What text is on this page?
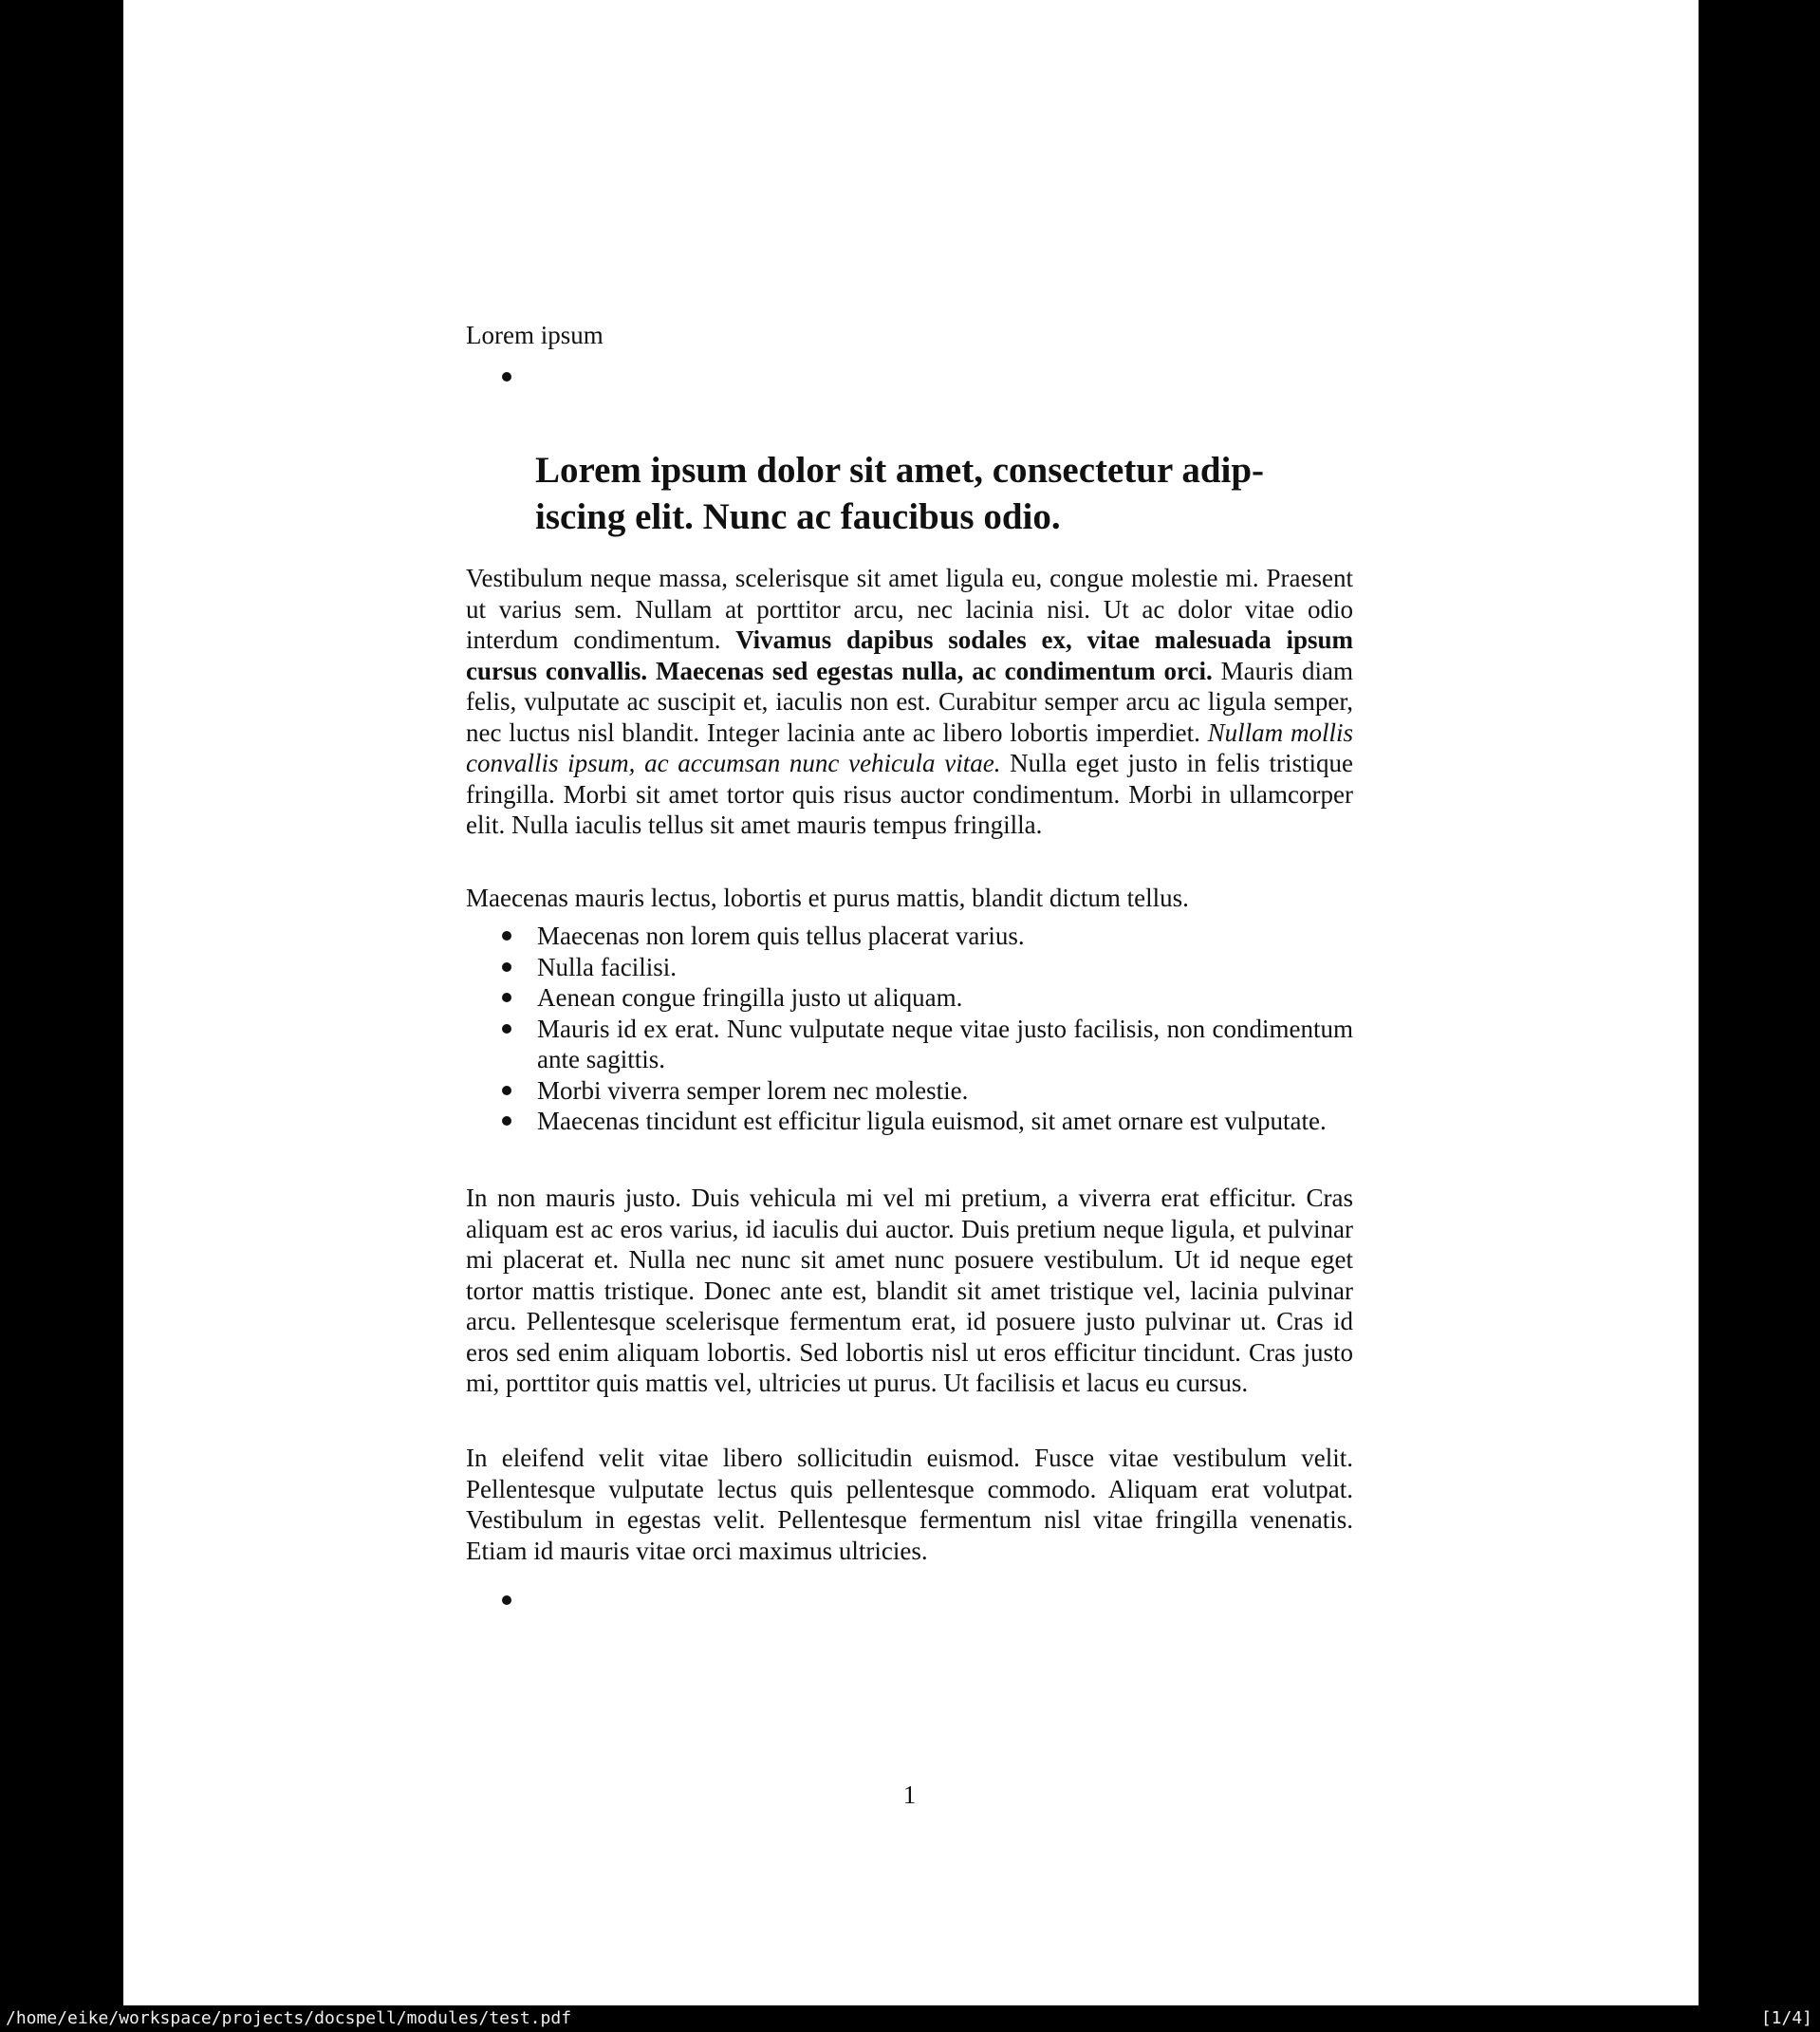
Lorem ipsum
Lorem ipsum dolor sit amet, consectetur adip-
iscing elit. Nunc ac faucibus odio.
Vestibulum neque massa, scelerisque sit amet ligula eu, congue molestie mi. Praesent ut varius sem. Nullam at porttitor arcu, nec lacinia nisi. Ut ac dolor vitae odio interdum condimentum. Vivamus dapibus sodales ex, vitae malesuada ipsum cursus convallis. Maecenas sed egestas nulla, ac condimentum orci. Mauris diam felis, vulputate ac suscipit et, iaculis non est. Curabitur semper arcu ac ligula semper, nec luctus nisl blandit. Integer lacinia ante ac libero lobortis imperdiet. Nullam mollis convallis ipsum, ac accumsan nunc vehicula vitae. Nulla eget justo in felis tristique fringilla. Morbi sit amet tortor quis risus auctor condimentum. Morbi in ullamcorper elit. Nulla iaculis tellus sit amet mauris tempus fringilla.
Maecenas mauris lectus, lobortis et purus mattis, blandit dictum tellus.
Maecenas non lorem quis tellus placerat varius.
Nulla facilisi.
Aenean congue fringilla justo ut aliquam.
Mauris id ex erat. Nunc vulputate neque vitae justo facilisis, non condimentum ante sagittis.
Morbi viverra semper lorem nec molestie.
Maecenas tincidunt est efficitur ligula euismod, sit amet ornare est vulputate.
In non mauris justo. Duis vehicula mi vel mi pretium, a viverra erat efficitur. Cras aliquam est ac eros varius, id iaculis dui auctor. Duis pretium neque ligula, et pulvinar mi placerat et. Nulla nec nunc sit amet nunc posuere vestibulum. Ut id neque eget tortor mattis tristique. Donec ante est, blandit sit amet tristique vel, lacinia pulvinar arcu. Pellentesque scelerisque fermentum erat, id posuere justo pulvinar ut. Cras id eros sed enim aliquam lobortis. Sed lobortis nisl ut eros efficitur tincidunt. Cras justo mi, porttitor quis mattis vel, ultricies ut purus. Ut facilisis et lacus eu cursus.
In eleifend velit vitae libero sollicitudin euismod. Fusce vitae vestibulum velit. Pellentesque vulputate lectus quis pellentesque commodo. Aliquam erat volutpat. Vestibulum in egestas velit. Pellentesque fermentum nisl vitae fringilla venenatis. Etiam id mauris vitae orci maximus ultricies.
1
/home/eike/workspace/projects/docspell/modules/test.pdf	[1/4]
